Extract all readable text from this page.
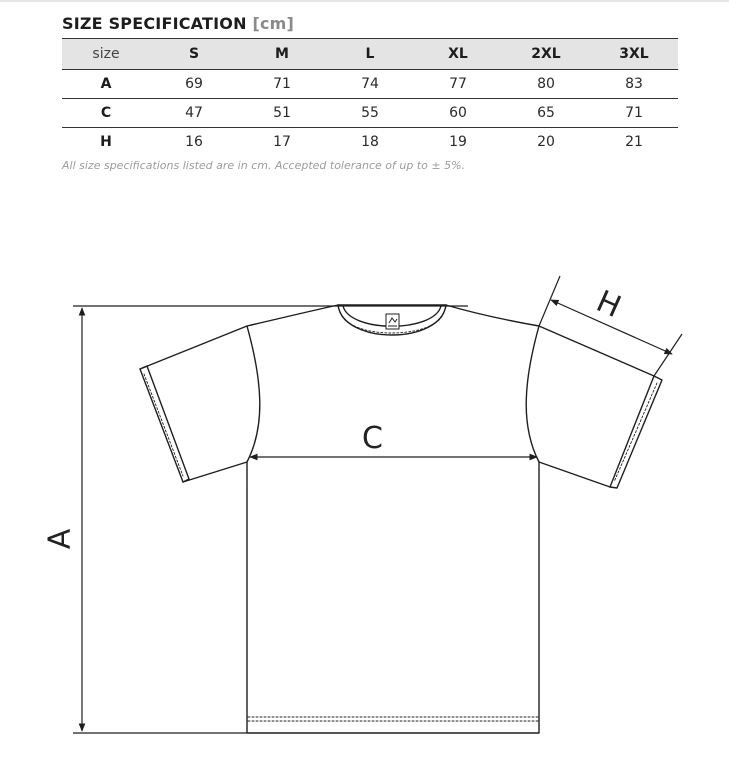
SIZE SPECIFICATION [cm]
size	S	M	L	XL	2XL	3XL
A	69	71	74	77	80	83
C	47	51	55	60	65	71
H	16	17	18	19	20	21
All size specifications listed are in cm. Accepted tolerance of up to ± 5%.
A
C
H
